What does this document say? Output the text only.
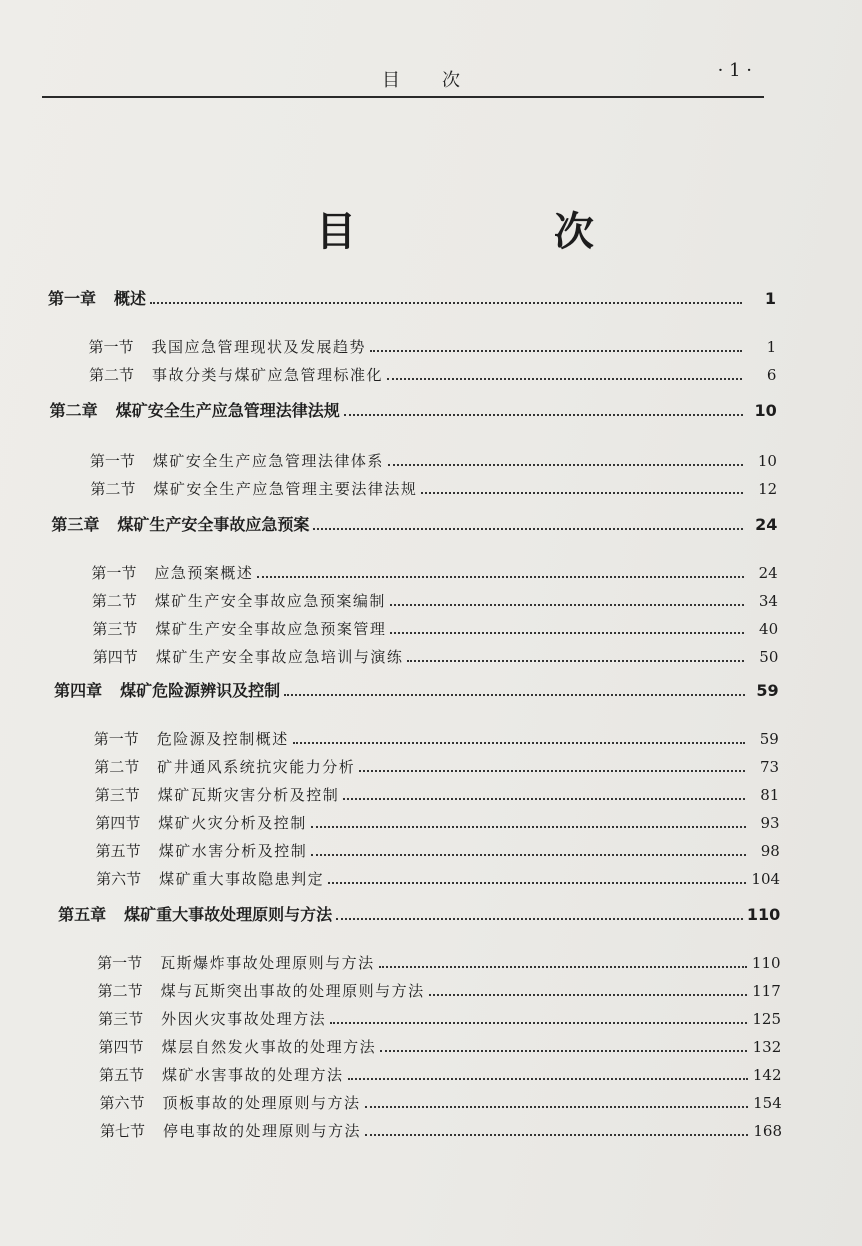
目　次	· 1 ·
目 次
第一章 概述	1
第一节 我国应急管理现状及发展趋势	1
第二节 事故分类与煤矿应急管理标准化	6
第二章 煤矿安全生产应急管理法律法规	10
第一节 煤矿安全生产应急管理法律体系	10
第二节 煤矿安全生产应急管理主要法律法规	12
第三章 煤矿生产安全事故应急预案	24
第一节 应急预案概述	24
第二节 煤矿生产安全事故应急预案编制	34
第三节 煤矿生产安全事故应急预案管理	40
第四节 煤矿生产安全事故应急培训与演练	50
第四章 煤矿危险源辨识及控制	59
第一节 危险源及控制概述	59
第二节 矿井通风系统抗灾能力分析	73
第三节 煤矿瓦斯灾害分析及控制	81
第四节 煤矿火灾分析及控制	93
第五节 煤矿水害分析及控制	98
第六节 煤矿重大事故隐患判定	104
第五章 煤矿重大事故处理原则与方法	110
第一节 瓦斯爆炸事故处理原则与方法	110
第二节 煤与瓦斯突出事故的处理原则与方法	117
第三节 外因火灾事故处理方法	125
第四节 煤层自然发火事故的处理方法	132
第五节 煤矿水害事故的处理方法	142
第六节 顶板事故的处理原则与方法	154
第七节 停电事故的处理原则与方法	168
